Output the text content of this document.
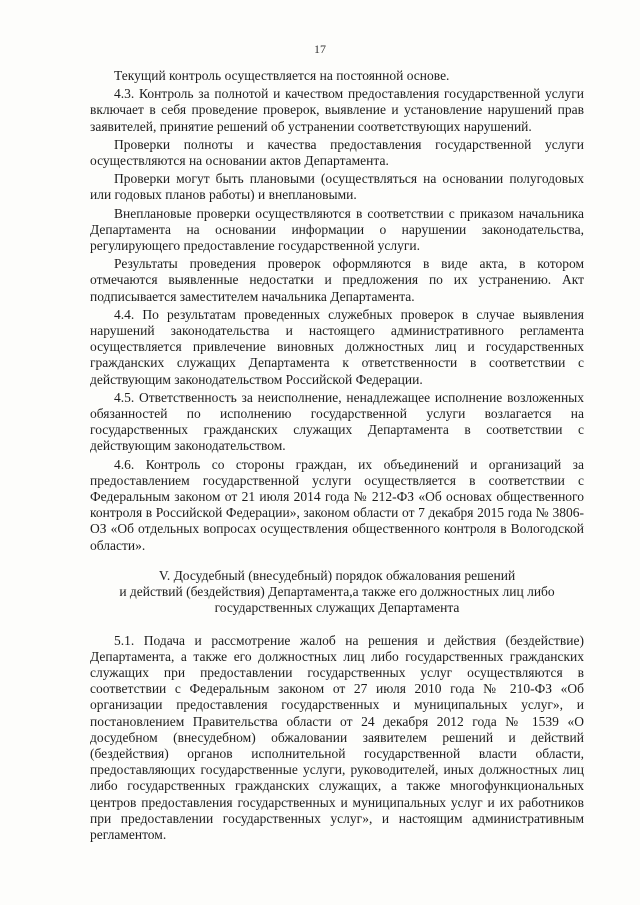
17

Текущий контроль осуществляется на постоянной основе.

4.3. Контроль за полнотой и качеством предоставления государственной услуги включает в себя проведение проверок, выявление и установление нарушений прав заявителей, принятие решений об устранении соответствующих нарушений.

Проверки полноты и качества предоставления государственной услуги осуществляются на основании актов Департамента.

Проверки могут быть плановыми (осуществляться на основании полугодовых или годовых планов работы) и внеплановыми.

Внеплановые проверки осуществляются в соответствии с приказом начальника Департамента на основании информации о нарушении законодательства, регулирующего предоставление государственной услуги.

Результаты проведения проверок оформляются в виде акта, в котором отмечаются выявленные недостатки и предложения по их устранению. Акт подписывается заместителем начальника Департамента.

4.4. По результатам проведенных служебных проверок в случае выявления нарушений законодательства и настоящего административного регламента осуществляется привлечение виновных должностных лиц и государственных гражданских служащих Департамента к ответственности в соответствии с действующим законодательством Российской Федерации.

4.5. Ответственность за неисполнение, ненадлежащее исполнение возложенных обязанностей по исполнению государственной услуги возлагается на государственных гражданских служащих Департамента в соответствии с действующим законодательством.

4.6. Контроль со стороны граждан, их объединений и организаций за предоставлением государственной услуги осуществляется в соответствии с Федеральным законом от 21 июля 2014 года № 212-ФЗ «Об основах общественного контроля в Российской Федерации», законом области от 7 декабря 2015 года № 3806-ОЗ «Об отдельных вопросах осуществления общественного контроля в Вологодской области».

V. Досудебный (внесудебный) порядок обжалования решений
и действий (бездействия) Департамента,а также его должностных лиц либо
государственных служащих Департамента

5.1. Подача и рассмотрение жалоб на решения и действия (бездействие) Департамента, а также его должностных лиц либо государственных гражданских служащих при предоставлении государственных услуг осуществляются в соответствии с Федеральным законом от 27 июля 2010 года № 210-ФЗ «Об организации предоставления государственных и муниципальных услуг», и постановлением Правительства области от 24 декабря 2012 года № 1539 «О досудебном (внесудебном) обжаловании заявителем решений и действий (бездействия) органов исполнительной государственной власти области, предоставляющих государственные услуги, руководителей, иных должностных лиц либо государственных гражданских служащих, а также многофункциональных центров предоставления государственных и муниципальных услуг и их работников при предоставлении государственных услуг», и настоящим административным регламентом.
